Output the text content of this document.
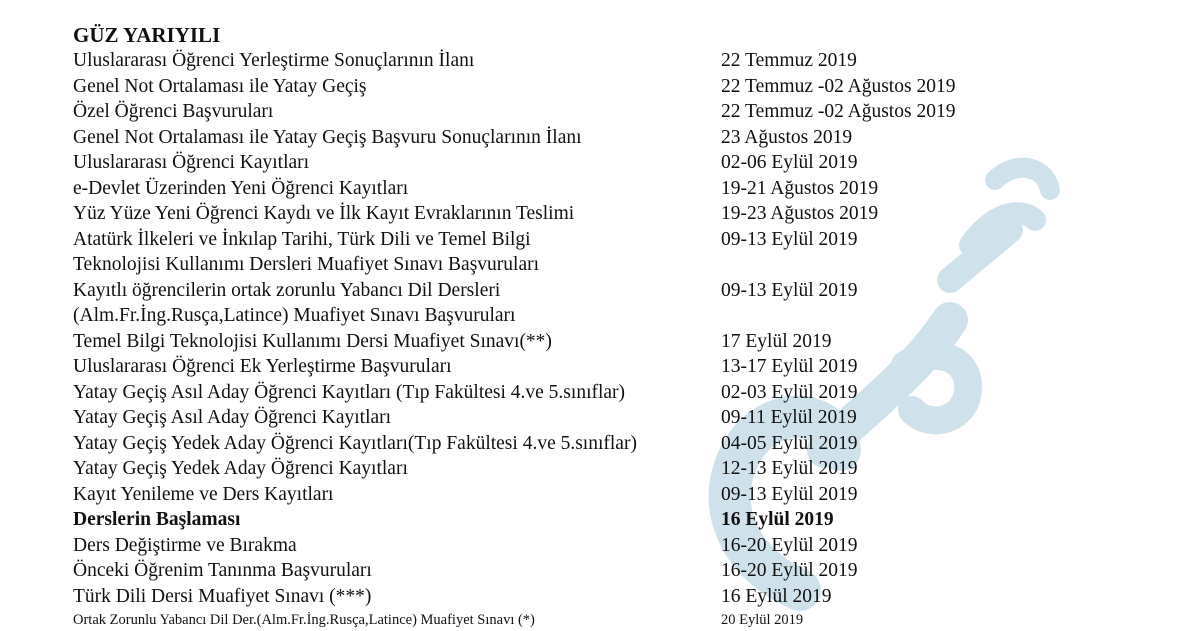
GÜZ YARIYILI
Uluslararası Öğrenci Yerleştirme Sonuçlarının İlanı	22 Temmuz 2019
Genel Not Ortalaması ile Yatay Geçiş	22 Temmuz -02 Ağustos 2019
Özel Öğrenci Başvuruları	22 Temmuz -02 Ağustos 2019
Genel Not Ortalaması ile Yatay Geçiş Başvuru Sonuçlarının İlanı	23 Ağustos 2019
Uluslararası Öğrenci Kayıtları	02-06 Eylül 2019
e-Devlet Üzerinden Yeni Öğrenci Kayıtları	19-21 Ağustos 2019
Yüz Yüze Yeni Öğrenci Kaydı ve İlk Kayıt Evraklarının Teslimi	19-23 Ağustos 2019
Atatürk İlkeleri ve İnkılap Tarihi, Türk Dili ve Temel Bilgi	09-13 Eylül 2019
Teknolojisi Kullanımı Dersleri Muafiyet Sınavı Başvuruları
Kayıtlı öğrencilerin ortak zorunlu Yabancı Dil Dersleri	09-13 Eylül 2019
(Alm.Fr.İng.Rusça,Latince) Muafiyet Sınavı Başvuruları
Temel Bilgi Teknolojisi Kullanımı Dersi Muafiyet Sınavı(**)	17 Eylül 2019
Uluslararası Öğrenci Ek Yerleştirme Başvuruları	13-17 Eylül 2019
Yatay Geçiş Asıl Aday Öğrenci Kayıtları (Tıp Fakültesi 4.ve 5.sınıflar)	02-03 Eylül 2019
Yatay Geçiş Asıl Aday Öğrenci Kayıtları	09-11 Eylül 2019
Yatay Geçiş Yedek Aday Öğrenci Kayıtları(Tıp Fakültesi 4.ve 5.sınıflar)	04-05 Eylül 2019
Yatay Geçiş Yedek Aday Öğrenci Kayıtları	12-13 Eylül 2019
Kayıt Yenileme ve Ders Kayıtları	09-13 Eylül 2019
Derslerin Başlaması	16 Eylül 2019
Ders Değiştirme ve Bırakma	16-20 Eylül 2019
Önceki Öğrenim Tanınma Başvuruları	16-20 Eylül 2019
Türk Dili Dersi Muafiyet Sınavı (***)	16 Eylül 2019
Ortak Zorunlu Yabancı Dil Der.(Alm.Fr.İng.Rusça,Latince) Muafiyet Sınavı (*)	20 Eylül 2019
